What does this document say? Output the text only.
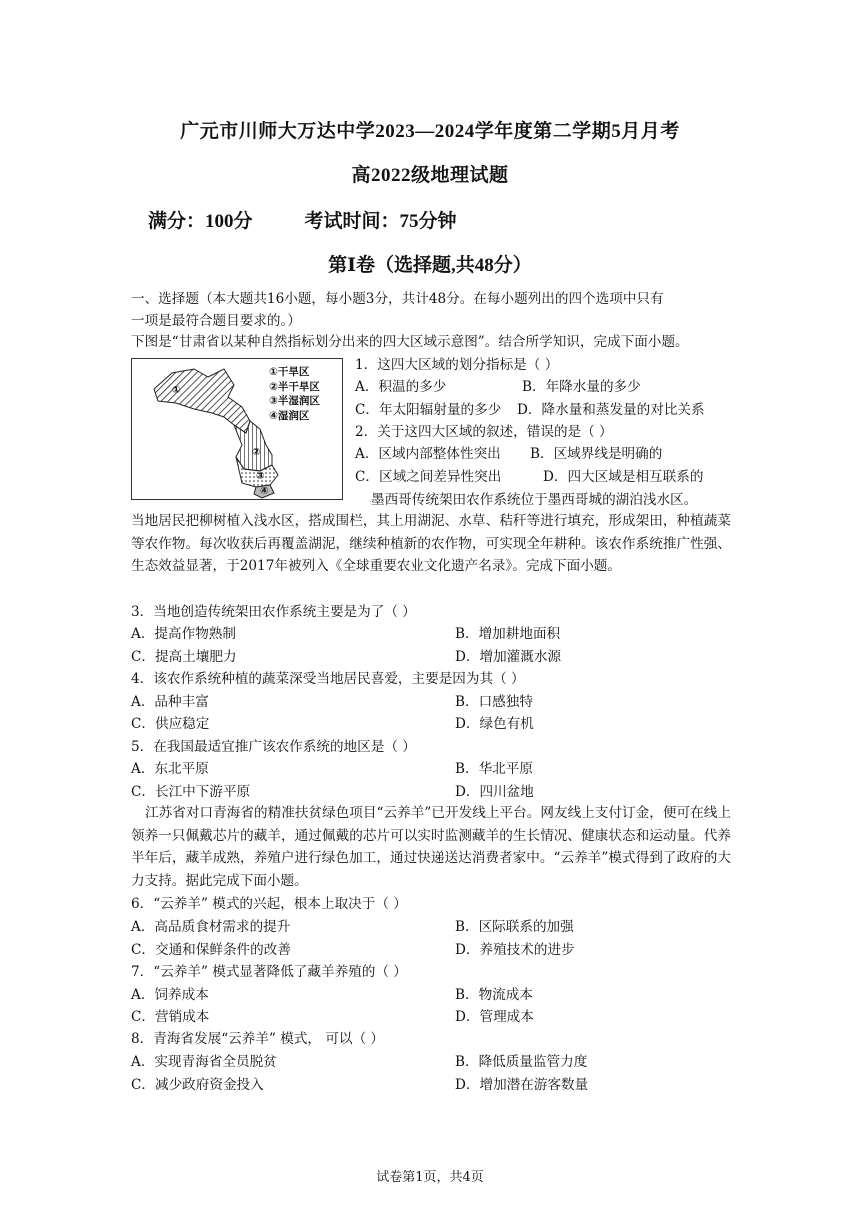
广元市川师大万达中学2023—2024学年度第二学期5月月考
高2022级地理试题
满分：100分	考试时间：75分钟
第Ⅰ卷（选择题,共48分）
一、选择题（本大题共16小题，每小题3分，共计48分。在每小题列出的四个选项中只有
一项是最符合题目要求的。）
下图是“甘肃省以某种自然指标划分出来的四大区域示意图”。结合所学知识，完成下面小题。
①干旱区
②半干旱区
③半湿润区
④湿润区
①
②
③
④
1．这四大区域的划分指标是（ ）
A．积温的多少	B．年降水量的多少
C．年太阳辐射量的多少 D．降水量和蒸发量的对比关系
2．关于这四大区域的叙述，错误的是（ ）
A．区域内部整体性突出 B．区域界线是明确的
C．区域之间差异性突出	D．四大区域是相互联系的
墨西哥传统架田农作系统位于墨西哥城的湖泊浅水区。
当地居民把柳树植入浅水区，搭成围栏，其上用湖泥、水草、秸秆等进行填充，形成架田，种植蔬菜等农作物。每次收获后再覆盖湖泥，继续种植新的农作物，可实现全年耕种。该农作系统推广性强、生态效益显著，于2017年被列入《全球重要农业文化遗产名录》。完成下面小题。
3．当地创造传统架田农作系统主要是为了（ ）
A．提高作物熟制	B．增加耕地面积
C．提高土壤肥力	D．增加灌溉水源
4．该农作系统种植的蔬菜深受当地居民喜爱，主要是因为其（ ）
A．品种丰富	B．口感独特
C．供应稳定	D．绿色有机
5．在我国最适宜推广该农作系统的地区是（ ）
A．东北平原	B．华北平原
C．长江中下游平原	D．四川盆地
江苏省对口青海省的精准扶贫绿色项目“云养羊”已开发线上平台。网友线上支付订金，便可在线上领养一只佩戴芯片的藏羊，通过佩戴的芯片可以实时监测藏羊的生长情况、健康状态和运动量。代养半年后，藏羊成熟，养殖户进行绿色加工，通过快递送达消费者家中。“云养羊”模式得到了政府的大力支持。据此完成下面小题。
6．“云养羊” 模式的兴起，根本上取决于（ ）
A．高品质食材需求的提升	B．区际联系的加强
C．交通和保鲜条件的改善	D．养殖技术的进步
7．“云养羊” 模式显著降低了藏羊养殖的（ ）
A．饲养成本	B．物流成本
C．营销成本	D．管理成本
8．青海省发展“云养羊” 模式， 可以（ ）
A．实现青海省全员脱贫	B．降低质量监管力度
C．减少政府资金投入	D．增加潜在游客数量
试卷第1页，共4页
